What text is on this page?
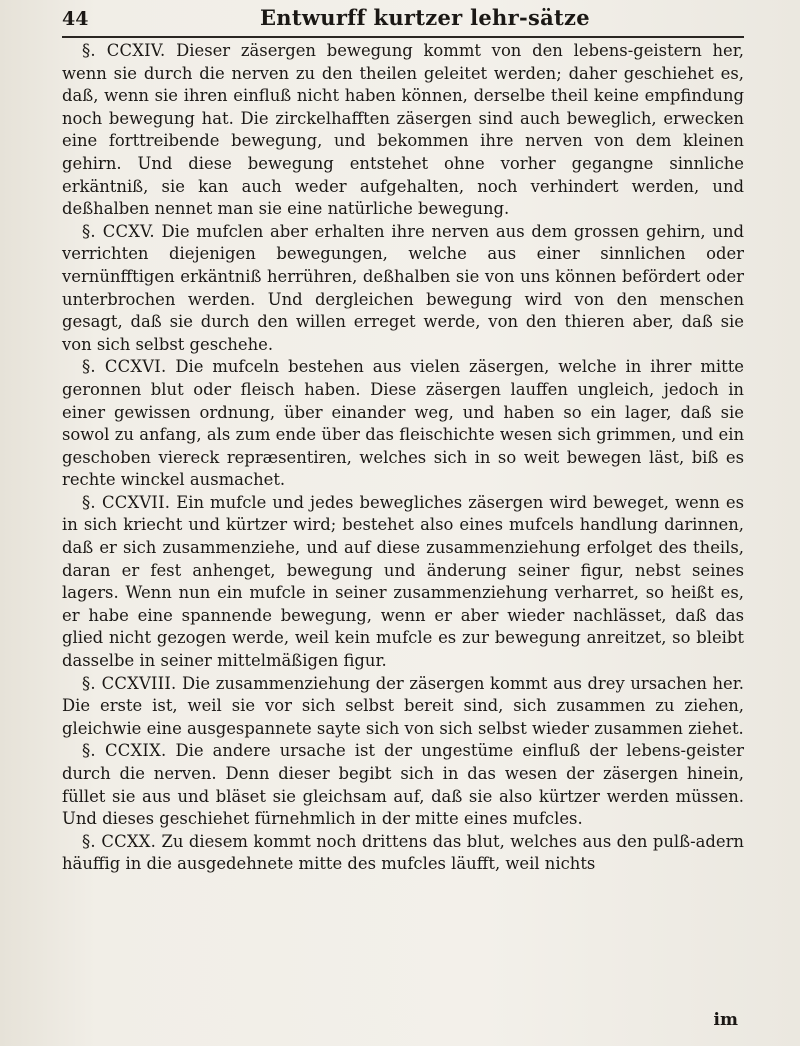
44	Entwurff kurtzer lehr-sätze

§. CCXIV. Dieser zäsergen bewegung kommt von den lebens-geistern her, wenn sie durch die nerven zu den theilen geleitet werden; daher geschiehet es, daß, wenn sie ihren einfluß nicht haben können, derselbe theil keine empfindung noch bewegung hat. Die zirckelhafften zäsergen sind auch beweglich, erwecken eine forttreibende bewegung, und bekommen ihre nerven von dem kleinen gehirn. Und diese bewegung entstehet ohne vorher gegangne sinnliche erkäntniß, sie kan auch weder aufgehalten, noch verhindert werden, und deßhalben nennet man sie eine natürliche bewegung.

§. CCXV. Die mufclen aber erhalten ihre nerven aus dem grossen gehirn, und verrichten diejenigen bewegungen, welche aus einer sinnlichen oder vernünfftigen erkäntniß herrühren, deßhalben sie von uns können befördert oder unterbrochen werden. Und dergleichen bewegung wird von den menschen gesagt, daß sie durch den willen erreget werde, von den thieren aber, daß sie von sich selbst geschehe.

§. CCXVI. Die mufceln bestehen aus vielen zäsergen, welche in ihrer mitte geronnen blut oder fleisch haben. Diese zäsergen lauffen ungleich, jedoch in einer gewissen ordnung, über einander weg, und haben so ein lager, daß sie sowol zu anfang, als zum ende über das fleischichte wesen sich grimmen, und ein geschoben viereck repræsentiren, welches sich in so weit bewegen läst, biß es rechte winckel ausmachet.

§. CCXVII. Ein mufcle und jedes bewegliches zäsergen wird beweget, wenn es in sich kriecht und kürtzer wird; bestehet also eines mufcels handlung darinnen, daß er sich zusammenziehe, und auf diese zusammenziehung erfolget des theils, daran er fest anhenget, bewegung und änderung seiner figur, nebst seines lagers. Wenn nun ein mufcle in seiner zusammenziehung verharret, so heißt es, er habe eine spannende bewegung, wenn er aber wieder nachlässet, daß das glied nicht gezogen werde, weil kein mufcle es zur bewegung anreitzet, so bleibt dasselbe in seiner mittelmäßigen figur.

§. CCXVIII. Die zusammenziehung der zäsergen kommt aus drey ursachen her. Die erste ist, weil sie vor sich selbst bereit sind, sich zusammen zu ziehen, gleichwie eine ausgespannete sayte sich von sich selbst wieder zusammen ziehet.

§. CCXIX. Die andere ursache ist der ungestüme einfluß der lebens-geister durch die nerven. Denn dieser begibt sich in das wesen der zäsergen hinein, füllet sie aus und bläset sie gleichsam auf, daß sie also kürtzer werden müssen. Und dieses geschiehet fürnehmlich in der mitte eines mufcles.

§. CCXX. Zu diesem kommt noch drittens das blut, welches aus den pulß-adern häuffig in die ausgedehnete mitte des mufcles läufft, weil nichts

im
